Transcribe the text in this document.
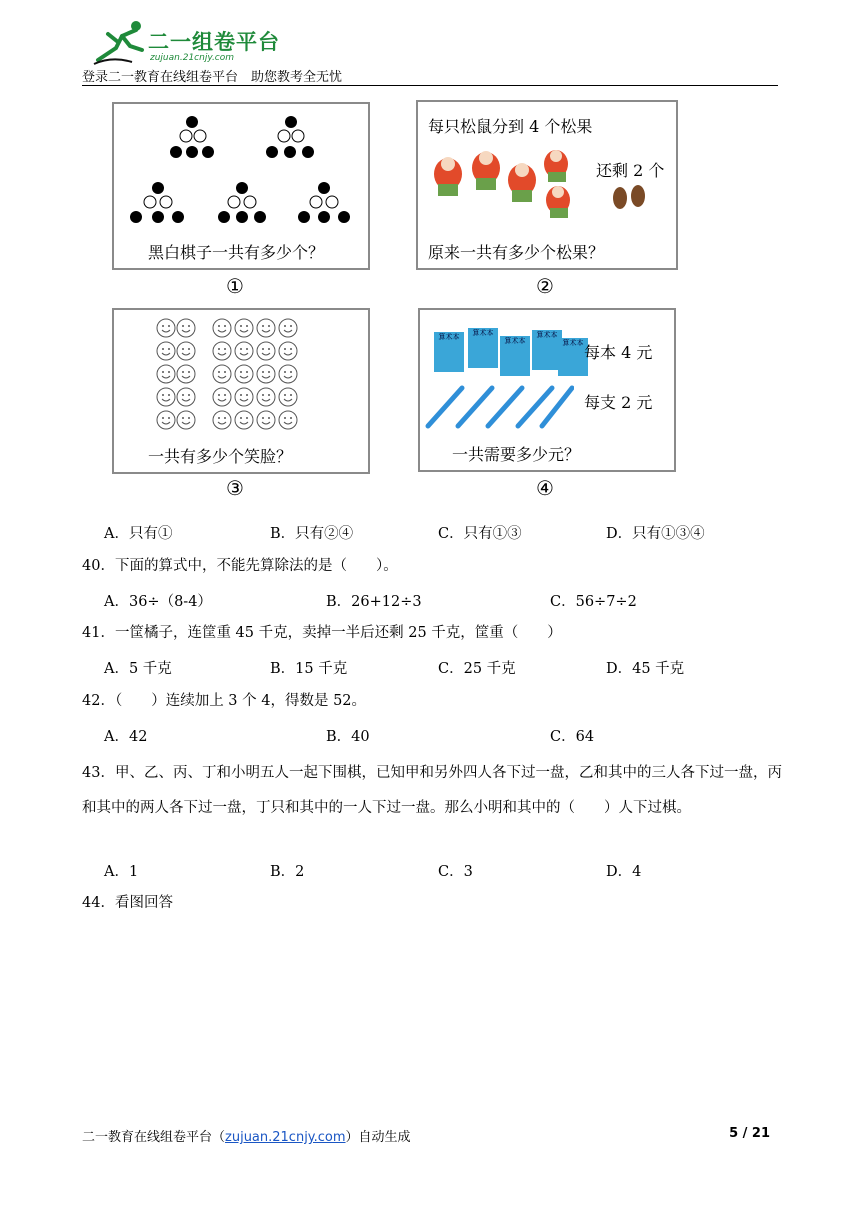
二一组卷平台
zujuan.21cnjy.com
登录二一教育在线组卷平台　助您教考全无忧
黑白棋子一共有多少个？
①
每只松鼠分到 4 个松果
还剩 2 个
原来一共有多少个松果？
②
一共有多少个笑脸？
③
算术本	算术本
算术本
算术本
算术本 每本 4 元
每支 2 元
一共需要多少元？
④
A．只有①	B．只有②④	C．只有①③	D．只有①③④
40．下面的算式中，不能先算除法的是（　　）。
A．36÷（8-4）	B．26+12÷3	C．56÷7÷2
41．一筐橘子，连筐重 45 千克，卖掉一半后还剩 25 千克，筐重（　　）
A．5 千克	B．15 千克	C．25 千克	D．45 千克
42．（　　）连续加上 3 个 4，得数是 52。
A．42	B．40	C．64
43．甲、乙、丙、丁和小明五人一起下围棋，已知甲和另外四人各下过一盘，乙和其中的三人各下过一盘，丙和其中的两人各下过一盘，丁只和其中的一人下过一盘。那么小明和其中的（　　）人下过棋。
A．1	B．2	C．3	D．4
44．看图回答
二一教育在线组卷平台（zujuan.21cnjy.com）自动生成	5 / 21
